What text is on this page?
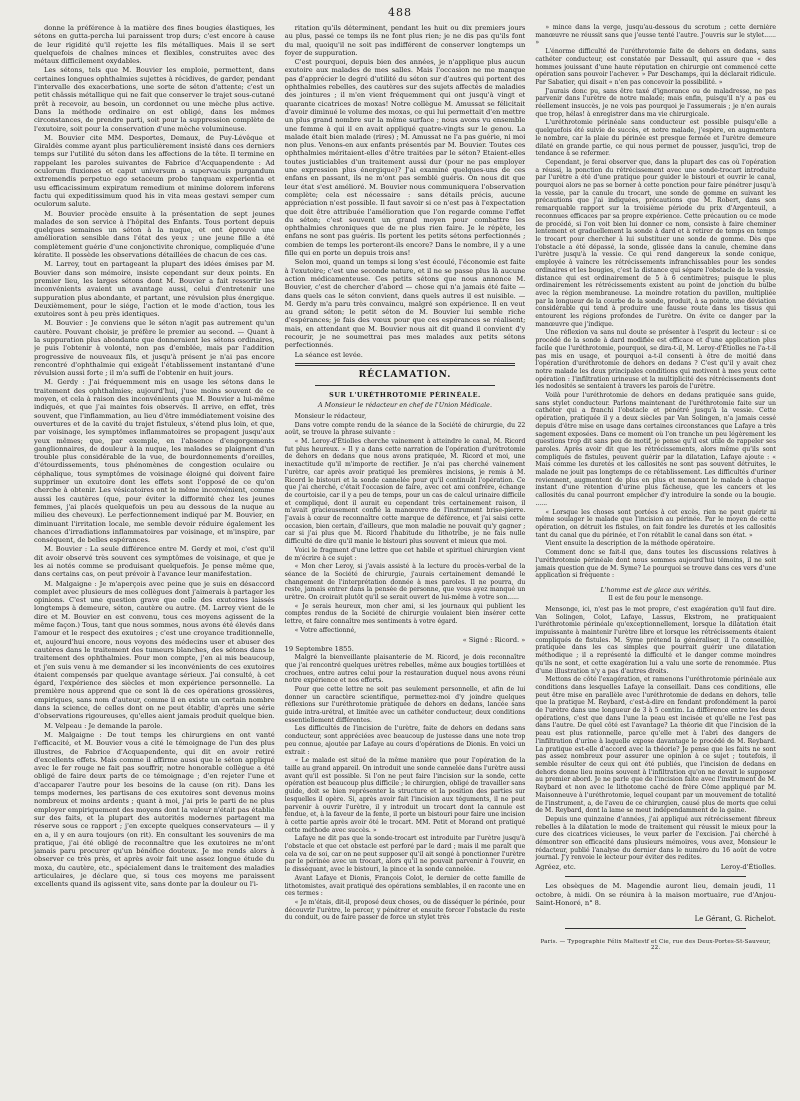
488

donne la préférence à la matière des fines bougies élastiques, les sétons en gutta-percha lui paraissent trop durs; c'est encore à cause de leur rigidité qu'il rejette les fils métalliques. Mais il se sert quelquefois de chaînes minces et flexibles, construites avec des métaux difficilement oxydables.

Les sétons, tels que M. Bouvier les emploie, permettent, dans certaines longues ophthalmies sujettes à récidives, de garder, pendant l'intervalle des exacerbations, une sorte de séton d'attente; c'est un petit châssis métallique qui ne fait que conserver le trajet sous-cutané prêt à recevoir, au besoin, un cordonnet ou une mèche plus active. Dans la méthode ordinaire on est obligé, dans les mêmes circonstances, de prendre parti, soit pour la suppression complète de l'exutoire, soit pour la conservation d'une mèche volumineuse.

M. Bouvier cite MM. Desportes, Demaux, de Puy-Lévêque et Giraldès comme ayant plus particulièrement insisté dans ces derniers temps sur l'utilité du séton dans les affections de la tête. Il termine en rappelant les paroles suivantes de Fabrice d'Acquapendente : Ad oculorum fluxiones et caput universum a supervacuis purgandum extremendis perpetuo ego setaceum probo tanquam experientia et usu efficacissimum expiratum remedium et minime dolorem inferens factu qui expeditissimum quod his in vita meas gestavi semper cum oculorum salute.

M. Bouvier procède ensuite à la présentation de sept jeunes malades de son service à l'hôpital des Enfants. Tous portent depuis quelques semaines un séton à la nuque, et ont éprouvé une amélioration sensible dans l'état des yeux ; une jeune fille a été complètement guérie d'une conjonctivite chronique, compliquée d'une kératite. Il possède les observations détaillées de chacun de ces cas.

M. Larrey, tout en partageant la plupart des idées émises par M. Bouvier dans son mémoire, insiste cependant sur deux points. En premier lieu, les larges sétons dont M. Bouvier a fait ressortir les inconvénients avaient un avantage aussi, celui d'entretenir une suppuration plus abondante, et partant, une révulsion plus énergique. Deuxièmement, pour le siége, l'action et le mode d'action, tous les exutoires sont à peu près identiques.

M. Bouvier : Je conviens que le séton n'agit pas autrement qu'un cautère. Pouvant choisir, je préfère le premier au second. — Quant à la suppuration plus abondante que donneraient les sétons ordinaires, je puis l'obtenir à volonté, non pas d'emblée, mais par l'addition progressive de nouveaux fils, et jusqu'à présent je n'ai pas encore rencontré d'ophthalmie qui exigeât l'établissement instantané d'une révulsion aussi forte ; il m'a suffi de l'obtenir en huit jours.

M. Gerdy : J'ai fréquemment mis en usage les sétons dans le traitement des ophthalmies; aujourd'hui, j'use moins souvent de ce moyen, et cela à raison des inconvénients que M. Bouvier a lui-même indiqués, et que j'ai maintes fois observés. Il arrive, en effet, très souvent, que l'inflammation, au lieu d'être immédiatement voisine des ouvertures et de la cavité du trajet fistuleux, s'étend plus loin, et que, par voisinage, les symptômes inflammatoires se propagent jusqu'aux yeux mêmes; que, par exemple, en l'absence d'engorgements ganglionnaires, de douleur à la nuque, les malades se plaignent d'un trouble plus considérable de la vue, de bourdonnements d'oreilles, d'étourdissements, tous phénomènes de congestion oculaire ou céphalique, tous symptômes de voisinage éloigné qui doivent faire supprimer un exutoire dont les effets sont l'opposé de ce qu'on cherche à obtenir. Les vésicatoires ont le même inconvénient, comme aussi les cautères (que, pour éviter la difformité chez les jeunes femmes, j'ai placés quelquefois un peu au dessous de la nuque au milieu des cheveux). Le perfectionnement indiqué par M. Bouvier, en diminuant l'irritation locale, me semble devoir réduire également les chances d'irradiations inflammatoires par voisinage, et m'inspire, par conséquent, de belles espérances.

M. Bouvier : La seule différence entre M. Gerdy et moi, c'est qu'il dit avoir observé très souvent ces symptômes de voisinage, et que je les ai notés comme se produisant quelquefois. Je pense même que, dans certains cas, on peut prévoir à l'avance leur manifestation.

M. Malgaigne : Je m'aperçois avec peine que je suis en désaccord complet avec plusieurs de mes collègues dont j'aimerais à partager les opinions. C'est une question grave que celle des exutoires laissés longtemps à demeure, séton, cautère ou autre. (M. Larrey vient de le dire et M. Bouvier en est convenu, tous ces moyens agissent de la même façon.) Tous, tant que nous sommes, nous avons été élevés dans l'amour et le respect des exutoires ; c'est une croyance traditionnelle, et, aujourd'hui encore, nous voyons des médecins user et abuser des cautères dans le traitement des tumeurs blanches, des sétons dans le traitement des ophthalmies. Pour mon compte, j'en ai mis beaucoup, et j'en suis venu à me demander si les inconvénients de ces exutoires étaient compensés par quelque avantage sérieux. J'ai consulté, à cet égard, l'expérience des siècles et mon expérience personnelle. La première nous apprend que ce sont là de ces opérations grossières, empiriques, sans nom d'auteur, comme il en existe un certain nombre dans la science, de celles dont on ne peut établir, d'après une série d'observations rigoureuses, qu'elles aient jamais produit quelque bien.

M. Velpeau : Je demande la parole.

M. Malgaigne : De tout temps les chirurgiens en ont vanté l'efficacité, et M. Bouvier vous a cité le témoignage de l'un des plus illustres, de Fabrice d'Acquapendente, qui dit en avoir retiré d'excellents effets. Mais comme il affirme aussi que le séton appliqué avec le fer rouge ne fait pas souffrir, notre honorable collègue a été obligé de faire deux parts de ce témoignage ; d'en rejeter l'une et d'accaparer l'autre pour les besoins de la cause (on rit). Dans les temps modernes, les partisans de ces exutoires sont devenus moins nombreux et moins ardents ; quant à moi, j'ai pris le parti de ne plus employer empiriquement des moyens dont la valeur n'était pas établie sur des faits, et la plupart des autorités modernes partagent ma réserve sous ce rapport ; j'en excepte quelques conservateurs — il y en a, il y en aura toujours (on rit). En consultant les souvenirs de ma pratique, j'ai été obligé de reconnaître que les exutoires ne m'ont jamais paru procurer qu'un bénéfice douteux. Je me rends alors à observer ce très près, et après avoir fait une assez longue étude du moxa, du cautère, etc., spécialement dans le traitement des maladies articulaires, je déclare que, si tous ces moyens me paraissent excellents quand ils agissent vite, sans donte par la douleur ou l'i-

ritation qu'ils déterminent, pendant les huit ou dix premiers jours au plus, passé ce temps ils ne font plus rien; je ne dis pas qu'ils font du mal, quoiqu'il ne soit pas indifférent de conserver longtemps un foyer de suppuration.

C'est pourquoi, depuis bien des années, je n'applique plus aucun exutoire aux malades de mes salles. Mais l'occasion ne me manque pas d'apprécier le degré d'utilité du séton sur d'autres qui portent des ophthalmies rebelles, des cautères sur des sujets affectés de maladies des jointures ; il m'en vient fréquemment qui ont jusqu'à vingt et quarante cicatrices de moxas! Notre collègue M. Amussat se félicitait d'avoir diminué le volume des moxas, ce qui lui permettait d'en mettre un plus grand nombre sur la même surface ; nous avons vu ensemble une femme à qui il en avait appliqué quatre-vingts sur le genou. La malade était bien malade (rires) ; M. Amussat ne l'a pas guérie, ni moi non plus. Venons-en aux enfants présentés par M. Bouvier. Toutes ces ophthalmies méritaient-elles d'être traitées par le séton? Etaient-elles toutes justiciables d'un traitement aussi dur (pour ne pas employer une expression plus énergique)? J'ai examiné quelques-uns de ces enfans en passant, ils ne m'ont pas semblé guéris. On nous dit que leur état s'est amélioré. M. Bouvier nous communiquera l'observation complète; cela est nécessaire : sans détails précis, aucune appréciation n'est possible. Il faut savoir si ce n'est pas à l'expectation que doit être attribuée l'amélioration que l'on regarde comme l'effet du séton; c'est souvent un grand moyen pour combattre les ophthalmies chroniques que de ne plus rien faire. Je le répète, les enfans ne sont pas guéris. Ils portent les petits sétons perfectionnés ; combien de temps les porteront-ils encore? Dans le nombre, il y a une fille qui en porte un depuis trois ans!

Selon moi, quand un temps si long s'est écoulé, l'économie est faite à l'exutoire; c'est une seconde nature, et il ne se passe plus là aucune action médicamenteuse. Ces petits sétons que nous annonce M. Bouvier, c'est de chercher d'abord — chose qui n'a jamais été faite — dans quels cas le séton convient, dans quels autres il est nuisible. — M. Gerdy m'a paru très convaincu, malgré son expérience. Il en veut au grand séton; le petit séton de M. Bouvier lui semble riche d'espérances; je fais des vœux pour que ces espérances se réalisent; mais, en attendant que M. Bouvier nous ait dit quand il convient d'y recourir, je ne soumettrai pas mes malades aux petits sétons perfectionnés.

La séance est levée.

RÉCLAMATION.
SUR L'URÉTHROTOMIE PÉRINÉALE.
A Monsieur le rédacteur en chef de l'Union Médicale.

Monsieur le rédacteur,

Dans votre compte rendu de la séance de la Société de chirurgie, du 22 août, se trouve la phrase suivante :

« M. Leroy-d'Étiolles cherche vainement à atteindre le canal, M. Ricord fut plus heureux. » Il y a dans cette narration de l'opération d'urétrotomie de dehors en dedans que nous avons pratiquée, M. Ricord et moi, une inexactitude qu'il m'importe de rectifier. Je n'ai pas cherché vainement l'urètre, car après avoir pratiqué les premières incisions, je remis à M. Ricord le bistouri et la sonde cannelée pour qu'il continuât l'opération. Ce que j'ai cherché, c'était l'occasion de faire, avec cet ami confrère, échange de courtoisie, car il y a peu de temps, pour un cas de calcul urinaire difficile et compliqué, dont il aurait eu cependant très certainement raison, il m'avait gracieusement confié la manœuvre de l'instrument brise-pierre. J'avais à cœur de reconnaître cette marque de déférence, et j'ai saisi cette occasion, bien certain, d'ailleurs, que mon maladie ne pouvait qu'y gagner ; car si j'ai plus que M. Ricord l'habitude du lithotribe, je ne fais nulle difficulté de dire qu'il manie le bistouri plus souvent et mieux que moi.

Voici le fragment d'une lettre que cet habile et spirituel chirurgien vient de m'écrire à ce sujet :

« Mon cher Leroy, si j'avais assisté à la lecture du procès-verbal de la séance de la Société de chirurgie, j'aurais certainement demandé le changement de l'interprétation donnée à mes paroles. Il ne pourra, du reste, jamais entrer dans la pensée de personne, que vous ayez manqué un urètre. On croirait plutôt qu'il se serait ouvert de lui-même à votre son......

« Je serais heureux, mon cher ami, si les journaux qui publient les comptes rendus de la Société de chirurgie voulaient bien insérer cette lettre, et faire connaître mes sentiments à votre égard.

« Votre affectionné,

« Signé : Ricord. »

19 Septembre 1855.

Malgré la bienveillante plaisanterie de M. Ricord, je dois reconnaître que j'ai rencontré quelques urètres rebelles, même aux bougies tortillées et crochues, entre autres celui pour la restauration duquel nous avons réuni notre expérience et nos efforts.

Pour que cette lettre ne soit pas seulement personnelle, et afin de lui donner un caractère scientifique, permettez-moi d'y joindre quelques réflexions sur l'uréthrotomie pratiquée de dehors en dedans, lancée sans guide intra-urétral, et limitée avec un cathéter conducteur, deux conditions essentiellement différentes.

Les difficultés de l'incision de l'urètre, faite de dehors en dedans sans conducteur, sont appréciées avec beaucoup de justesse dans une note trop peu connue, ajoutée par Lafaye au cours d'opérations de Dionis. En voici un extrait :

« Le malade est situé de la même manière que pour l'opération de la taille au grand appareil. On introduit une sonde cannelée dans l'urètre aussi avant qu'il est possible. Si l'on ne peut faire l'incision sur la sonde, cette opération est beaucoup plus difficile ; le chirurgien, obligé de travailler sans guide, doit se bien représenter la structure et la position des parties sur lesquelles il opère. Si, après avoir fait l'incision aux téguments, il ne peut parvenir à ouvrir l'urètre, il y introduit un trocart dont la cannule est fendue, et, à la faveur de la fente, il porte un bistouri pour faire une incision à cette partie après avoir ôté le trocart. MM. Petit et Morand ont pratiqué cette méthode avec succès. »

Lafaye ne dit pas que la sonde-trocart est introduite par l'urètre jusqu'à l'obstacle et que cet obstacle est perforé par le dard ; mais il me paraît que cela va de soi, car on ne peut supposer qu'il ait songé à ponctionner l'urètre par le périnée avec un trocart, alors qu'il ne pouvait parvenir à l'ouvrir, en le disséquant, avec le bistouri, la pince et la sonde cannelée.

Avant Lafaye et Dionis, François Colot, le dernier de cette famille de lithotomistes, avait pratiqué des opérations semblables, il en raconte une en ces termes :

« Je m'étais, dit-il, proposé deux choses, ou de disséquer le périnée, pour découvrir l'urètre, le percer, y pénétrer et ensuite forcer l'obstacle du reste du conduit, ou de faire passer de force un stylet très

» mince dans la verge, jusqu'au-dessous du scrotum ; cette dernière manœuvre ne réussit sans que j'eusse tenté l'autre. J'ouvris sur le stylet...... »

L'énorme difficulté de l'uréthrotomie faite de dehors en dedans, sans cathéter conducteur, est constatée par Dessault, qui assure que « des hommes jouissant d'une haute réputation en chirurgie ont commencé cette opération sans pouvoir l'achever. » Par Deschamps, qui la déclarait ridicule. Par Sabatier, qui disait « n'en pas concevoir la possibilité. »

J'aurais donc pu, sans être taxé d'ignorance ou de maladresse, ne pas parvenir dans l'urètre de notre malade; mais enfin, puisqu'il n'y a pas eu réellement insuccès, je ne vois pas pourquoi je l'assumerais ; je n'en aurais que trop, hélas! à enregistrer dans ma vie chirurgicale.

L'uréthrotomie périnéale sans conducteur est possible puisqu'elle a quelquefois été suivie de succès, et notre malade, j'espère, en augmentera le nombre, car la plaie du périnée est presque fermée et l'urètre demeure dilaté en grande partie, ce qui nous permet de pousser, jusqu'ici, trop de tendance à se refermer.

Cependant, je ferai observer que, dans la plupart des cas où l'opération a réussi, la ponction du rétrécissement avec une sonde-trocart introduite par l'urètre a été d'une pratique pour guider le bistouri et ouvrir le canal, pourquoi alors ne pas se borner à cette ponction pour faire pénétrer jusqu'à la vessie, par la canule du trocart, une sonde de gomme en suivant les précautions que j'ai indiquées, précautions que M. Robert, dans son remarquable rapport sur la troisième période du prix d'Argenteuil, a reconnues efficaces par sa propre expérience. Cette précaution ou ce mode de procédé, si l'on voit bien lui donner ce nom, consiste à faire cheminer lentement et graduellement la sonde à dard et à retirer de temps en temps le trocart pour chercher à lui substituer une sonde de gomme. Dès que l'obstacle a été dépassé, la sonde, glissée dans la canule, chemine dans l'urètre jusqu'à la vessie. Ce qui rend dangereux la sonde conique, employée à vaincre les rétrécissements infranchissables pour les sondes ordinaires et les bougies, c'est la distance qui sépare l'obstacle de la vessie, distance qui est ordinairement de 5 à 6 centimètres; puisque le plus ordinairement les rétrécissements existent au point de jonction du bulbe avec la région membraneuse. La moindre rotation du pavillon, multipliée par la longueur de la courbe de la sonde, produit, à sa pointe, une déviation considérable qui tend à produire une fausse route dans les tissus qui entourent les régions profondes de l'urètre. On évite ce danger par la manœuvre que j'indique.

Une réflexion va sans nul doute se présenter à l'esprit du lecteur : si ce procédé de la sonde à dard modifiée est efficace et d'une application plus facile que l'uréthrotomie, pourquoi, se dira-t-il, M. Leroy-d'Étiolles ne l'a-t-il pas mis en usage, et pourquoi a-t-il consenti à être de moitié dans l'opération d'uréthrotomie de dehors en dedans ? C'est qu'il y avait chez notre malade les deux principales conditions qui motivent à mes yeux cette opération : l'infiltration urineuse et la multiplicité des rétrécissements dont les nodosités se sentaient à travers les parois de l'urètre.

Voilà pour l'uréthrotomie de dehors en dedans pratiquée sans guide, sans stylet conducteur. Parlons maintenant de l'uréthrotomie faite sur un cathéter qui a franchi l'obstacle et pénétré jusqu'à la vessie. Cette opération, pratiquée il y a deux siècles par Van Solingen, n'a jamais cessé depuis d'être mise en usage dans certaines circonstances que Lafaye a très sagement exposées. Dans ce moment où l'on tranche un peu légèrement les questions trop dit sans peu de motif, je pense qu'il est utile de rappeler ses paroles. Après avoir dit que les rétrécissements, alors même qu'ils sont compliqués de fistules, peuvent guérir par la dilatation, Lafaye ajoute : « Mais comme les duretés et les callosités ne sont pas souvent détruites, le malade ne jouit pas longtemps de ce rétablissement. Les difficultés d'uriner reviennent, augmentent de plus en plus et menacent le malade à chaque instant d'une rétention d'urine plus fâcheuse, que les cancers et les callosités du canal pourront empêcher d'y introduire la sonde ou la bougie. ......

« Lorsque les choses sont portées à cet excès, rien ne peut guérir ni même soulager le malade que l'incision au périnée. Par le moyen de cette opération, on détruit les fistules, on fait fondre les duretés et les callosités tant du canal que du périnée, et l'on rétablit le canal dans son état. »

Vient ensuite la description de la méthode opératoire.

Comment donc se fait-il que, dans toutes les discussions relatives à l'uréthrotomie périnéale dont nous sommes aujourd'hui témoins, il ne soit jamais question que de M. Syme? Le pourquoi se trouve dans ces vers d'une application si fréquente :

L'homme est de glace aux vérités.
Il est de feu pour le mensonge.

Mensonge, ici, n'est pas le mot propre, c'est exagération qu'il faut dire. Van Solingen, Colot, Lafaye, Lassus, Ekstrom, ne pratiquaient l'uréthrotomie périnéale qu'exceptionnellement, lorsque la dilatation était impuissante à maintenir l'urètre libre et lorsque les rétrécissements étaient compliqués de fistules. M. Syme prétend la généraliser, il l'a conseillée, pratiquée dans les cas simples que pourrait guérir une dilatation méthodique ; il a représenté la difficulté et le danger comme moindres qu'ils ne sont, et cette exagération lui a valu une sorte de renommée. Plus d'une illustration n'y a pas d'autres droits.

Mettons de côté l'exagération, et ramenons l'uréthrotomie périnéale aux conditions dans lesquelles Lafaye la conseillait. Dans ces conditions, elle peut être mise en parallèle avec l'uréthrotomie de dedans en dehors, telle que la pratique M. Reybard, c'est-à-dire en fendant profondément la paroi de l'urètre dans une longueur de 3 à 5 centim. La différence entre les deux opérations, c'est que dans l'une la peau est incisée et qu'elle ne l'est pas dans l'autre. De quel côté est l'avantage? La théorie dit que l'incision de la peau est plus rationnelle, parce qu'elle met à l'abri des dangers de l'infiltration d'urine à laquelle expose davantage le procédé de M. Reybard. La pratique est-elle d'accord avec la théorie? Je pense que les faits ne sont pas assez nombreux pour assurer une opinion à ce sujet ; toutefois, il semble résulter de ceux qui ont été publiés, que l'incision de dedans en dehors donne lieu moins souvent à l'infiltration qu'on ne devait le supposer au premier abord. Je ne parle que de l'incision faite avec l'instrument de M. Reybard et non avec le lithotome caché de frère Côme appliqué par M. Maisonneuve à l'uréthrotomie, lequel coupant par un mouvement de totalité de l'instrument, a, de l'aveu de ce chirurgien, causé plus de morts que celui de M. Reybard, dont la lame se meut indépendamment de la gaine.

Depuis une quinzaine d'années, j'ai appliqué aux rétrécissement fibreux rebelles à la dilatation le mode de traitement qui réussit le mieux pour la cure des cicatrices vicieuses, le veux parler de l'excision. J'ai cherché à démontrer son efficacité dans plusieurs mémoires, vous avez, Monsieur le rédacteur, publié l'analyse du dernier dans le numéro du 16 août de votre journal. J'y renvoie le lecteur pour éviter des redites.

Agréez, etc.	Leroy-d'Étiolles.

Les obsèques de M. Magendie auront lieu, demain jeudi, 11 octobre, à midi. On se réunira à la maison mortuaire, rue d'Anjou-Saint-Honoré, n° 8.

Le Gérant, G. Richelot.
Paris. — Typographie Félix Maltestf et Cie, rue des Deux-Portes-St-Sauveur, 22.
